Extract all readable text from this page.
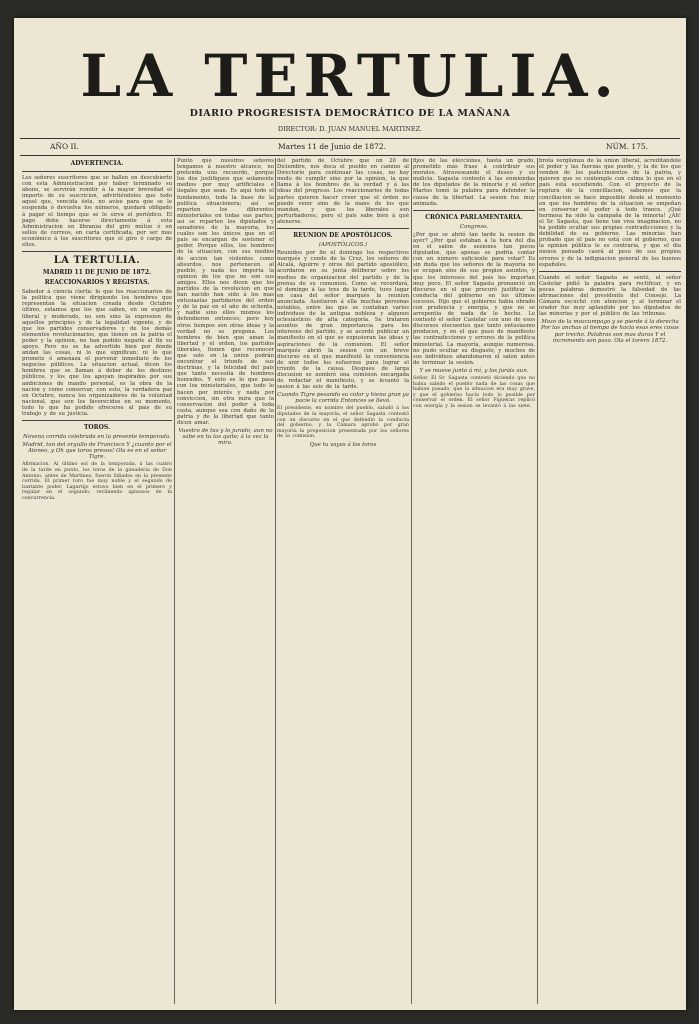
LA TERTULIA.
DIARIO PROGRESISTA DEMOCRÁTICO DE LA MAÑANA
DIRECTOR: D. JUAN MANUEL MARTINEZ.
AÑO II.	Martes 11 de Junio de 1872.	NÚM. 175.
ADVERTENCIA.
Los señores suscritores que se hallen en descubierto con esta Administracion por haber terminado su abono, se servirán remitir á la mayor brevedad el importe de su suscricion, advirtiéndoles que todo aquel que, vencida ésta, no avise para que se le suspenda ó devuelva los números, quedará obligado á pagar el tiempo que se le sirva el periódico. El pago debe hacerse directamente á esta Administracion en libranza del giro mútuo ó en sellos de correos, en carta certificada, por ser mas económico á los suscritores que el giro ó cargo de ellos.
LA TERTULIA.
MADRID 11 DE JUNIO DE 1872.
REACCIONARIOS Y REGISTAS.
Sabedor á ciencia cierta: lo que los reaccionarios de la politica que viene dirigiendo los hombres que representan la situacion creada desde Octubre último, estamos que los que saben, en un espiritu liberal y moderado, no son sino la expresion de aquellos principios y de la legalidad vigente, y de que los partidos conservadores y de los demás elementos revolucionarios, que tienen en la patria el poder y la opinion, no han podido negarle al fin su apoyo. Pero no se ha advertido bien por dónde andan las cosas, ni lo que significan; ni lo que promete ó amenaza el porvenir inmediato de los negocios públicos. La situacion actual, dicen los hombres que se llaman á deber de los destinos públicos, y los que los apoyan inspirados por sus ambiciones de mando personal, es la obra de la nacion y como conservar, con esto, la verdadera paz en Octubre, nunca los organizadores de la voluntad nacional, que son los favorecidos en su momento, todo lo que ha podido ofrecerse al pais de su trabajo y de su justicia.
TOROS.
Novena corrida celebrada en la presente temporada.
Madrid, tan del orgullo de Francisco Y ¿cuanto por el Ateneo, y Oh que toros presos! Ola es en el señor Tigre.
Afirmacion. Al último sol de la temporada, á las cuatro de la tarde en punto, los toros de la ganaderia de Don Antonio, antes de Martinez, fueron lidiados en la presente corrida. El primer toro fue muy noble y el segundo de bastante poder. Lagartijo estuvo bien en el primero y regular en el segundo, recibiendo aplausos de la concurrencia.
Punto que nuestros señores tengamos á nuestro alcance, no pretenda uno recuerdo, porque los dos justifiquen que solamente medios por muy artificiales e ilegales que sean. Es aqui todo el fundamento, toda la base de la politica situacionera; así se reparten los diferentes ministeriales en todas sus partes; asi se reparten los diputados y senadores de la mayoria, los cuales son los únicos que en el pais se encargan de sostener el poder. Porque ellos, los hombres de la situacion, con sus medios de accion tan violentos como absurdos, nos pertenecen al pueblo, y nada les importa la opinion de los que no son sus amigos. Ellos nos dicen que los partidos de la revolucion en que han nacido han sido á los mas entusiastas partidarios del orden y de la paz en el año de ochenta, y nadie sino ellos mismos los defendieron entonces; pero hoy otros tiempos son otras ideas y la verdad no se pregona. Los hombres de bien que aman la libertad y el orden, los partidos liberales, tienen que reconocer que solo en la union podrán encontrar el triunfo de sus doctrinas, y la felicidad del pais que tanto necesita de hombres honrados. Y esto es lo que pasa con los ministeriales, que todo lo hacen por interés y nada por conviccion, sin otra mira que la conservacion del poder á toda costa, aunque sea con daño de la patria y de la libertad que tanto dicen amar.
Vuestro de tus y lo jurado, aun no sabe en tu las quite; á la vez la mira.
del partido de Octubre que un 20 de Diciembre, nos deca el pueblo en camino al Directorio para continuar las cosas, no hay modo de cumplir sino por la opinion, la que llama á los hombres de la verdad y á las ideas del progreso. Los reaccionarios de todas partes quieren hacer creer que el órden no puede venir sino de la mano de los que mandan, y que los liberales son perturbadores; pero el pais sabe bien á qué atenerse.
REUNION DE APOSTÓLICOS.
(APOSTÓLICOS.)
Reunidos por fin el domingo los respectivos marqués y conde de la Cruz, los señores de Alcalá, Aguirre y otros del partido apostólico, acordaron en su junta deliberar sobre los medios de organizacion del partido y de la prensa de su comunion. Como se recordará, el domingo á las tres de la tarde, tuvo lugar en casa del señor marqués la reunion anunciada. Asistieron á ella muchas personas notables, entre las que se contaban varios individuos de la antigua nobleza y algunos eclesiásticos de alta categoría. Se trataron asuntos de gran importancia para los intereses del partido, y se acordó publicar un manifiesto en el que se expusieran las ideas y aspiraciones de la comunion. El señor marqués abrió la sesion con un breve discurso en el que manifestó la conveniencia de unir todos los esfuerzos para lograr el triunfo de la causa. Despues de larga discusion se nombró una comision encargada de redactar el manifiesto, y se levantó la sesion á las seis de la tarde.
Cuando Tigre pesando su color y hiena gran ya pacie la corrida Entonces se llevó.
El presidente, en nombre del pueblo, saludó á los diputados de la mayoría; el señor Sagasta contestó con un discurso en el que defendió la conducta del gobierno, y la Cámara aprobó por gran mayoria la proposicion presentada por los señores de la comision.
Que tu vayas á los toros
fijos de las elecciones, hasta un grado, prometido más frase á contribuir sus morales. Atraveseando el deseo y su malicia. Sagasta contestó á las enmiendas de los diputados de la minoría y el señor Martos tomó la palabra para defender la causa de la libertad. La sesion fue muy animada.
CRÓNICA PARLAMENTARIA.
Congreso.
¿Por qué se abrió tan tarde la sesion de ayer? ¿Por qué estaban á la hora del dia en el salon de sesiones tan pocos diputados, que apenas se podria contar con un número suficiente para votar? Es sin duda que los señores de la mayoría no se ocupan sino de sus propios asuntos, y que los intereses del pais les importan muy poco. El señor Sagasta pronunció un discurso en el que procuró justificar la conducta del gobierno en los últimos sucesos. Dijo que el gobierno habia obrado con prudencia y energía, y que no se arrepentia de nada de lo hecho. Le contestó el señor Castelar con uno de esos discursos elocuentes que tanto entusiasmo producen, y en el que puso de manifiesto las contradicciones y errores de la politica ministerial. La mayoría, aunque numerosa, no pudo ocultar su disgusto, y muchos de sus individuos abandonaron el salon antes de terminar la sesion.
Y se mueve junto á mí, y los juráis aun.
Señor. El Sr. Sagasta contestó diciendo que no habia sabido el pueblo nada de las cosas que habian pasado, que la situacion era muy grave, y que el gobierno hacia todo lo posible por conservar el orden. El señor Figueras replicó con energía y la sesion se levantó á las siete.
brota vergüenza de la union liberal, acreditándole el poder y las fuerzas que puede, y la de los que venden de los padecimientos de la patria, y quieren que se contemple con calma lo que en el pais está sucediendo. Con el proyecto de la ruptura de la conciliacion, sabemos que la conciliacion se hace imposible desde el momento en que los hombres de la situacion se empeñan en conservar el poder á todo trance. ¡Qué hermosa ha sido la campaña de la minoria! ¿Ah! el Sr. Sagasta, que tiene tan viva imaginacion, no ha podido ocultar sus propias contradicciones y la debilidad de su gobierno. Las minorias han probado que el pais no está con el gobierno, que la opinion pública le es contraria, y que el dia menos pensado caerá al peso de sus propios errores y de la indignacion general de los buenos españoles.
Cuando el señor Sagasta se sentó, el señor Castelar pidió la palabra para rectificar, y en pocas palabras demostró la falsedad de las afirmaciones del presidente del Consejo. La Cámara escuchó con atencion y al terminar el orador fue muy aplaudido por los diputados de las minorias y por el público de las tribunas.
Mozo de la mozcumpago y se pierde á la derecha Por las anchas al tiempo de hacia esas eres cosas por trecho. Palabras son mas duras Y el incremento son paso. Ola el torero 1872.
